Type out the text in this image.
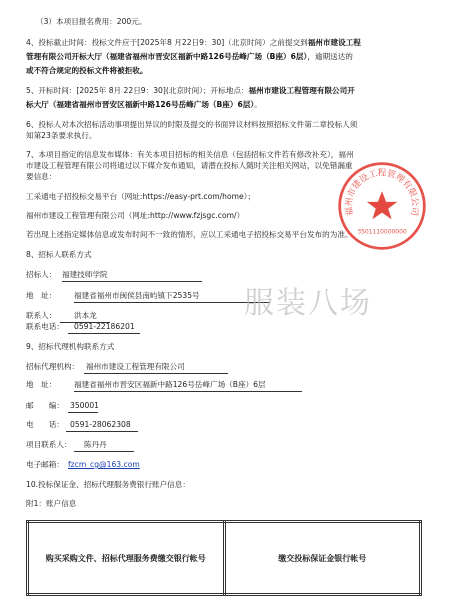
（3）本项目报名费用：200元。
4、投标截止时间：投标文件应于[2025年8 月22日9：30]（北京时间）之前提交到福州市建设工程
管理有限公司开标大厅（福建省福州市晋安区福新中路126号岳峰广场（B座）6层），逾期送达的
或不符合规定的投标文件将被拒收。
5、开标时间：[2025年 8月 22日9：30](北京时间）；开标地点：福州市建设工程管理有限公司开
标大厅（福建省福州市晋安区福新中路126号岳峰广场（B座）6层）。
6、投标人对本次招标活动事项提出异议的时限及提交的书面异议材料按照招标文件第二章投标人须
知第23条要求执行。
7、本项目指定的信息发布媒体：有关本项目招标的相关信息（包括招标文件若有修改补充），福州
市建设工程管理有限公司将通过以下媒介发布通知，请潜在投标人随时关注相关网站，以免错漏重
要信息：
工采通电子招投标交易平台（网址:https://easy-prt.com/home）；
福州市建设工程管理有限公司（网址:http://www.fzjsgc.com/）
若出现上述指定媒体信息或发布时间不一致的情形，应以工采通电子招投标交易平台发布的为准。
8、招标人联系方式
招标人： 福建技师学院
地　址： 福建省福州市闽侯县南屿镇下2535号
联系人： 洪本龙
联系电话： 0591-22186201
9、招标代理机构联系方式
招标代理机构： 福州市建设工程管理有限公司
地　址： 福建省福州市晋安区福新中路126号岳峰广场（B座）6层
邮　　编： 350001
电　　话： 0591-28062308
项目联系人： 陈丹丹
电子邮箱： fzcm_cg@163.com
10.投标保证金、招标代理服务费银行账户信息：
附1：账户信息
购买采购文件、招标代理服务费缴交银行帐号	缴交投标保证金银行帐号
福州市建设工程管理有限公司
3501110000000
服装八场
